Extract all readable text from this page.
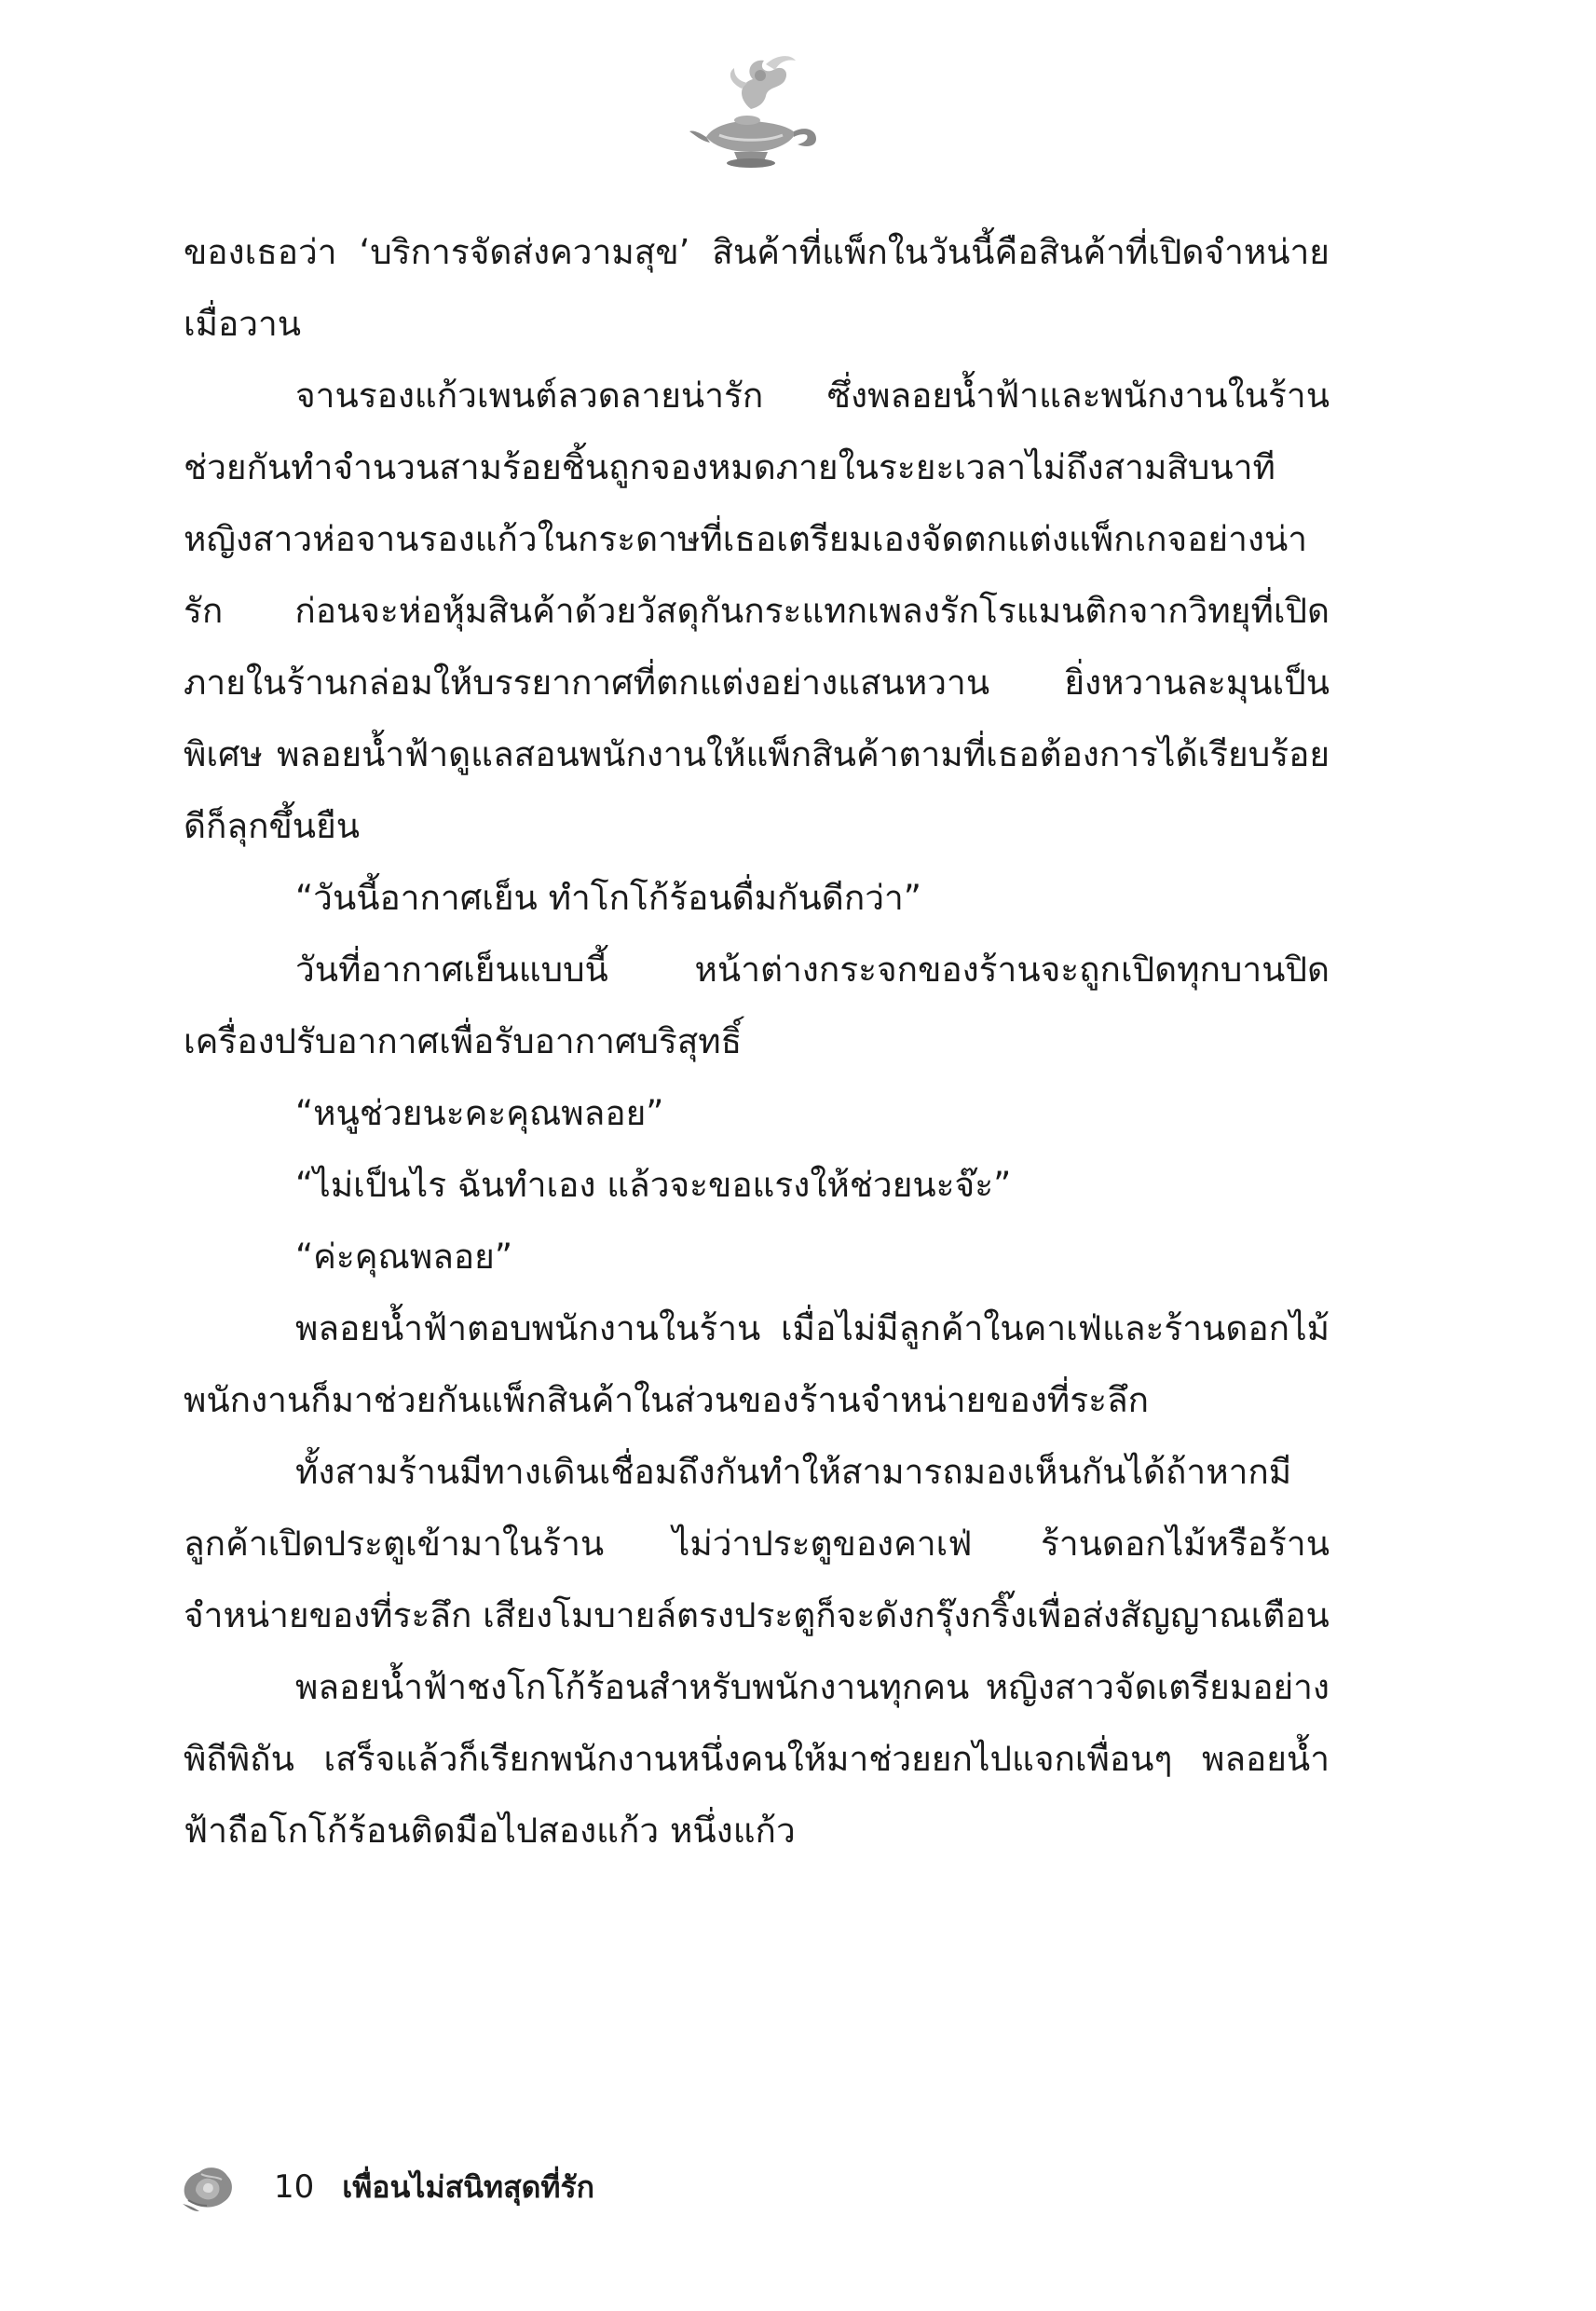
ของเธอว่า ‘บริการจัดส่งความสุข’ สินค้าที่แพ็กในวันนี้คือสินค้าที่เปิดจำหน่ายเมื่อวาน

จานรองแก้วเพนต์ลวดลายน่ารัก ซึ่งพลอยน้ำฟ้าและพนักงานในร้านช่วยกันทำจำนวนสามร้อยชิ้นถูกจองหมดภายในระยะเวลาไม่ถึงสามสิบนาที หญิงสาวห่อจานรองแก้วในกระดาษที่เธอเตรียมเองจัดตกแต่งแพ็กเกจอย่างน่ารัก ก่อนจะห่อหุ้มสินค้าด้วยวัสดุกันกระแทกเพลงรักโรแมนติกจากวิทยุที่เปิดภายในร้านกล่อมให้บรรยากาศที่ตกแต่งอย่างแสนหวาน ยิ่งหวานละมุนเป็นพิเศษ พลอยน้ำฟ้าดูแลสอนพนักงานให้แพ็กสินค้าตามที่เธอต้องการได้เรียบร้อยดีก็ลุกขึ้นยืน

“วันนี้อากาศเย็น ทำโกโก้ร้อนดื่มกันดีกว่า”

วันที่อากาศเย็นแบบนี้ หน้าต่างกระจกของร้านจะถูกเปิดทุกบานปิดเครื่องปรับอากาศเพื่อรับอากาศบริสุทธิ์

“หนูช่วยนะคะคุณพลอย”

“ไม่เป็นไร ฉันทำเอง แล้วจะขอแรงให้ช่วยนะจ๊ะ”

“ค่ะคุณพลอย”

พลอยน้ำฟ้าตอบพนักงานในร้าน เมื่อไม่มีลูกค้าในคาเฟ่และร้านดอกไม้ พนักงานก็มาช่วยกันแพ็กสินค้าในส่วนของร้านจำหน่ายของที่ระลึก

ทั้งสามร้านมีทางเดินเชื่อมถึงกันทำให้สามารถมองเห็นกันได้ถ้าหากมีลูกค้าเปิดประตูเข้ามาในร้าน ไม่ว่าประตูของคาเฟ่ ร้านดอกไม้หรือร้านจำหน่ายของที่ระลึก เสียงโมบายล์ตรงประตูก็จะดังกรุ๊งกริ๊งเพื่อส่งสัญญาณเตือน

พลอยน้ำฟ้าชงโกโก้ร้อนสำหรับพนักงานทุกคน หญิงสาวจัดเตรียมอย่างพิถีพิถัน เสร็จแล้วก็เรียกพนักงานหนึ่งคนให้มาช่วยยกไปแจกเพื่อนๆ พลอยน้ำฟ้าถือโกโก้ร้อนติดมือไปสองแก้ว หนึ่งแก้ว

10 เพื่อนไม่สนิทสุดที่รัก
